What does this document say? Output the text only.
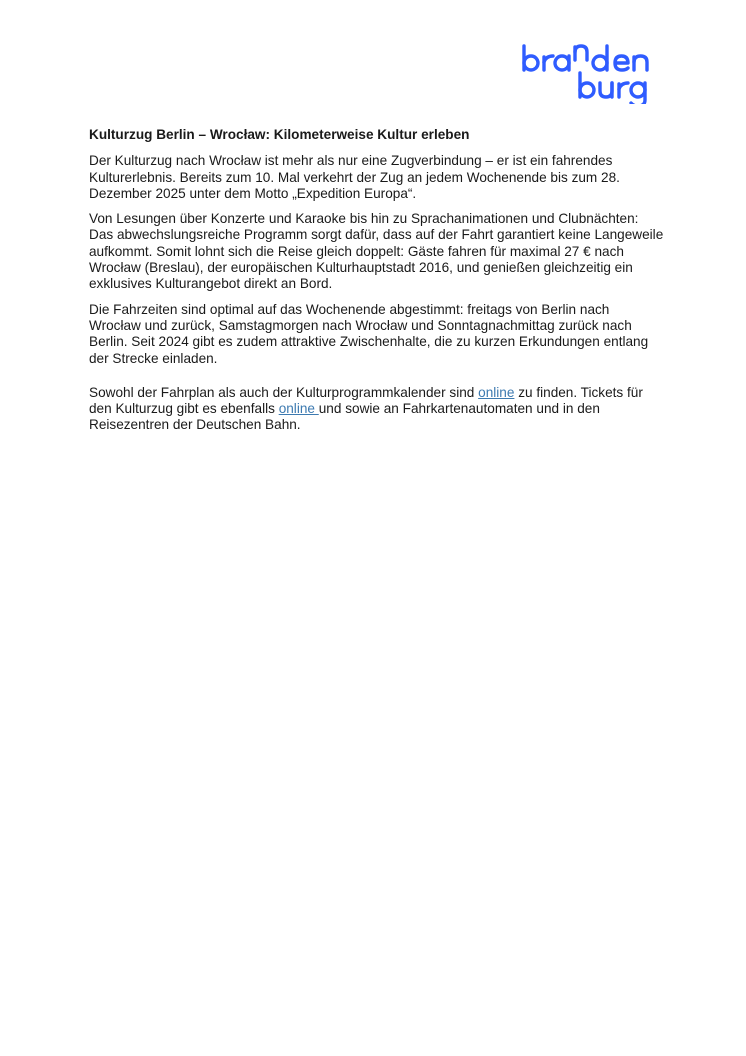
Kulturzug Berlin – Wrocław: Kilometerweise Kultur erleben

Der Kulturzug nach Wrocław ist mehr als nur eine Zugverbindung – er ist ein fahrendes Kulturerlebnis. Bereits zum 10. Mal verkehrt der Zug an jedem Wochenende bis zum 28. Dezember 2025 unter dem Motto „Expedition Europa“.

Von Lesungen über Konzerte und Karaoke bis hin zu Sprachanimationen und Clubnächten: Das abwechslungsreiche Programm sorgt dafür, dass auf der Fahrt garantiert keine Langeweile aufkommt. Somit lohnt sich die Reise gleich doppelt: Gäste fahren für maximal 27 € nach Wrocław (Breslau), der europäischen Kulturhauptstadt 2016, und genießen gleichzeitig ein exklusives Kulturangebot direkt an Bord.

Die Fahrzeiten sind optimal auf das Wochenende abgestimmt: freitags von Berlin nach Wrocław und zurück, Samstagmorgen nach Wrocław und Sonntagnachmittag zurück nach Berlin. Seit 2024 gibt es zudem attraktive Zwischenhalte, die zu kurzen Erkundungen entlang der Strecke einladen.

Sowohl der Fahrplan als auch der Kulturprogrammkalender sind online zu finden. Tickets für den Kulturzug gibt es ebenfalls online und sowie an Fahrkartenautomaten und in den Reisezentren der Deutschen Bahn.
